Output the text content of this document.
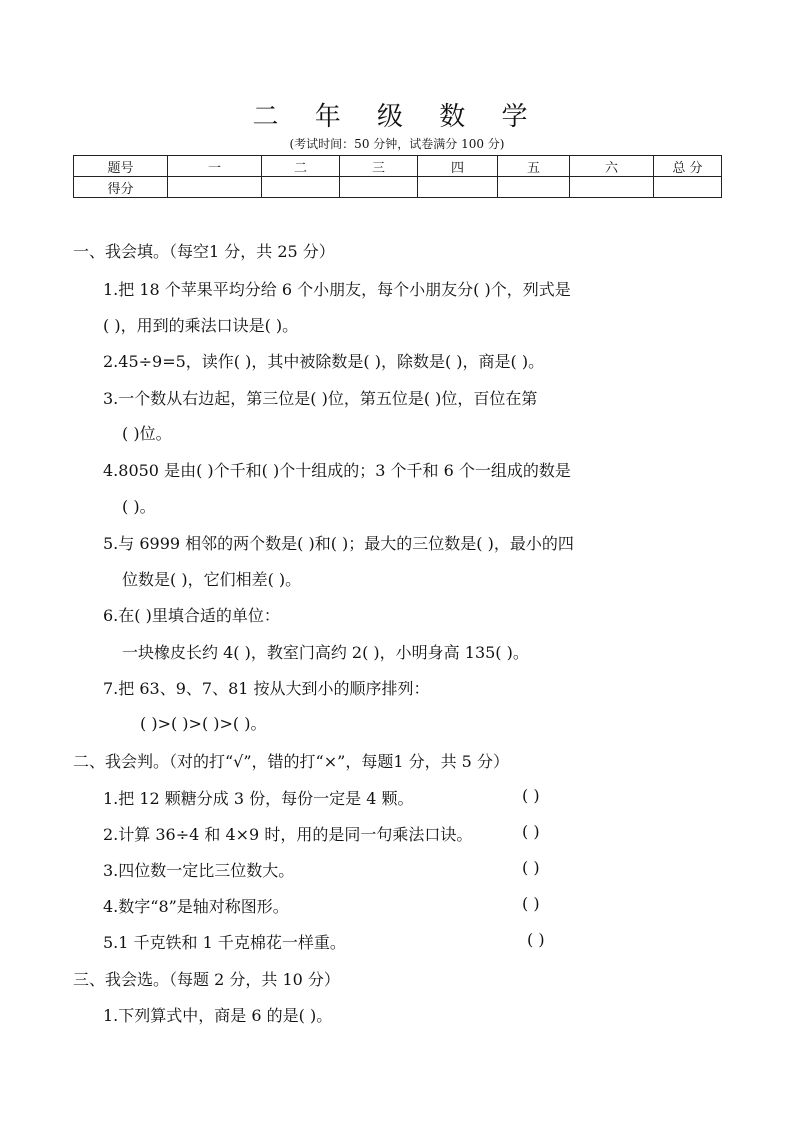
二 年 级 数 学
(考试时间：50 分钟，试卷满分 100 分)
题号	一	二	三	四	五	六	总 分
得分							
一、我会填。（每空1 分，共 25 分）
1.把 18 个苹果平均分给 6 个小朋友，每个小朋友分( )个，列式是
( )，用到的乘法口诀是( )。
2.45÷9=5，读作( )，其中被除数是( )，除数是( )，商是( )。
3.一个数从右边起，第三位是( )位，第五位是( )位，百位在第
( )位。
4.8050 是由( )个千和( )个十组成的；3 个千和 6 个一组成的数是
( )。
5.与 6999 相邻的两个数是( )和( )；最大的三位数是( )，最小的四
位数是( )，它们相差( )。
6.在( )里填合适的单位：
一块橡皮长约 4( )，教室门高约 2( )，小明身高 135( )。
7.把 63、9、7、81 按从大到小的顺序排列：
( )>( )>( )>( )。
二、我会判。（对的打“√”，错的打“×”，每题1 分，共 5 分）
1.把 12 颗糖分成 3 份，每份一定是 4 颗。	( )
2.计算 36÷4 和 4×9 时，用的是同一句乘法口诀。	( )
3.四位数一定比三位数大。	( )
4.数字“8”是轴对称图形。	( )
5.1 千克铁和 1 千克棉花一样重。	( )
三、我会选。（每题 2 分，共 10 分）
1.下列算式中，商是 6 的是( )。
